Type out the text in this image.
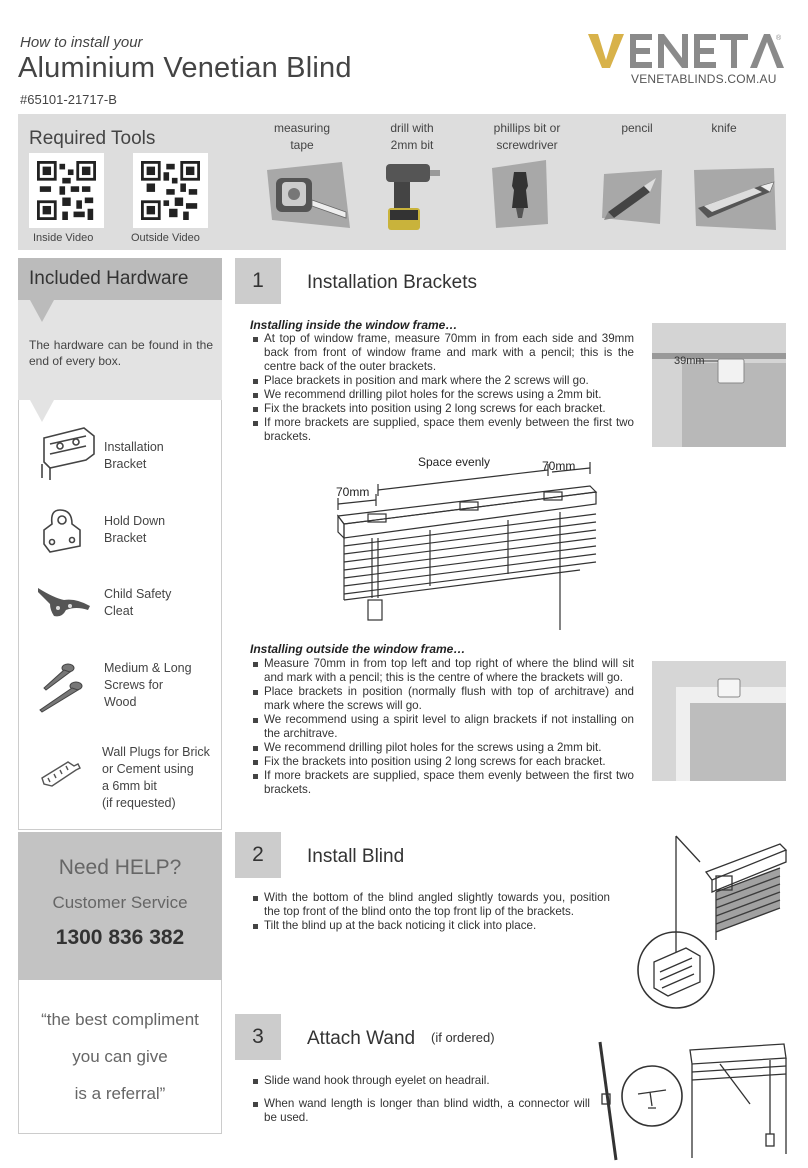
How to install your
Aluminium Venetian Blind
#65101-21717-B
®
VENETABLINDS.COM.AU
Required Tools
Inside Video	Outside Video
measuring
tape
drill with
2mm bit
phillips bit or
screwdriver
pencil	knife
Included Hardware
The hardware can be found in the end of every box.
Installation
Bracket
Hold Down
Bracket
Child Safety
Cleat
Medium & Long
Screws for
Wood
Wall Plugs for Brick
or Cement using
a 6mm bit
(if requested)
Need HELP?
Customer Service
1300 836 382
“the best compliment
you can give
is a referral”
1	Installation Brackets
Installing inside the window frame…
At top of window frame, measure 70mm in from each side and 39mm back from front of window frame and mark with a pencil; this is the centre back of the outer brackets.
Place brackets in position and mark where the 2 screws will go.
We recommend drilling pilot holes for the screws using a 2mm bit.
Fix the brackets into position using 2 long screws for each bracket.
If more brackets are supplied, space them evenly between the first two brackets.
39mm
Space evenly
70mm
70mm
Installing outside the window frame…
Measure 70mm in from top left and top right of where the blind will sit and mark with a pencil; this is the centre of where the brackets will go.
Place brackets in position (normally flush with top of architrave) and mark where the screws will go.
We recommend using a spirit level to align brackets if not installing on the architrave.
We recommend drilling pilot holes for the screws using a 2mm bit.
Fix the brackets into position using 2 long screws for each bracket.
If more brackets are supplied, space them evenly between the first two brackets.
2	Install Blind
With the bottom of the blind angled slightly towards you, position the top front of the blind onto the top front lip of the brackets.
Tilt the blind up at the back noticing it click into place.
3	Attach Wand (if ordered)
Slide wand hook through eyelet on headrail.
When wand length is longer than blind width, a connector will be used.
